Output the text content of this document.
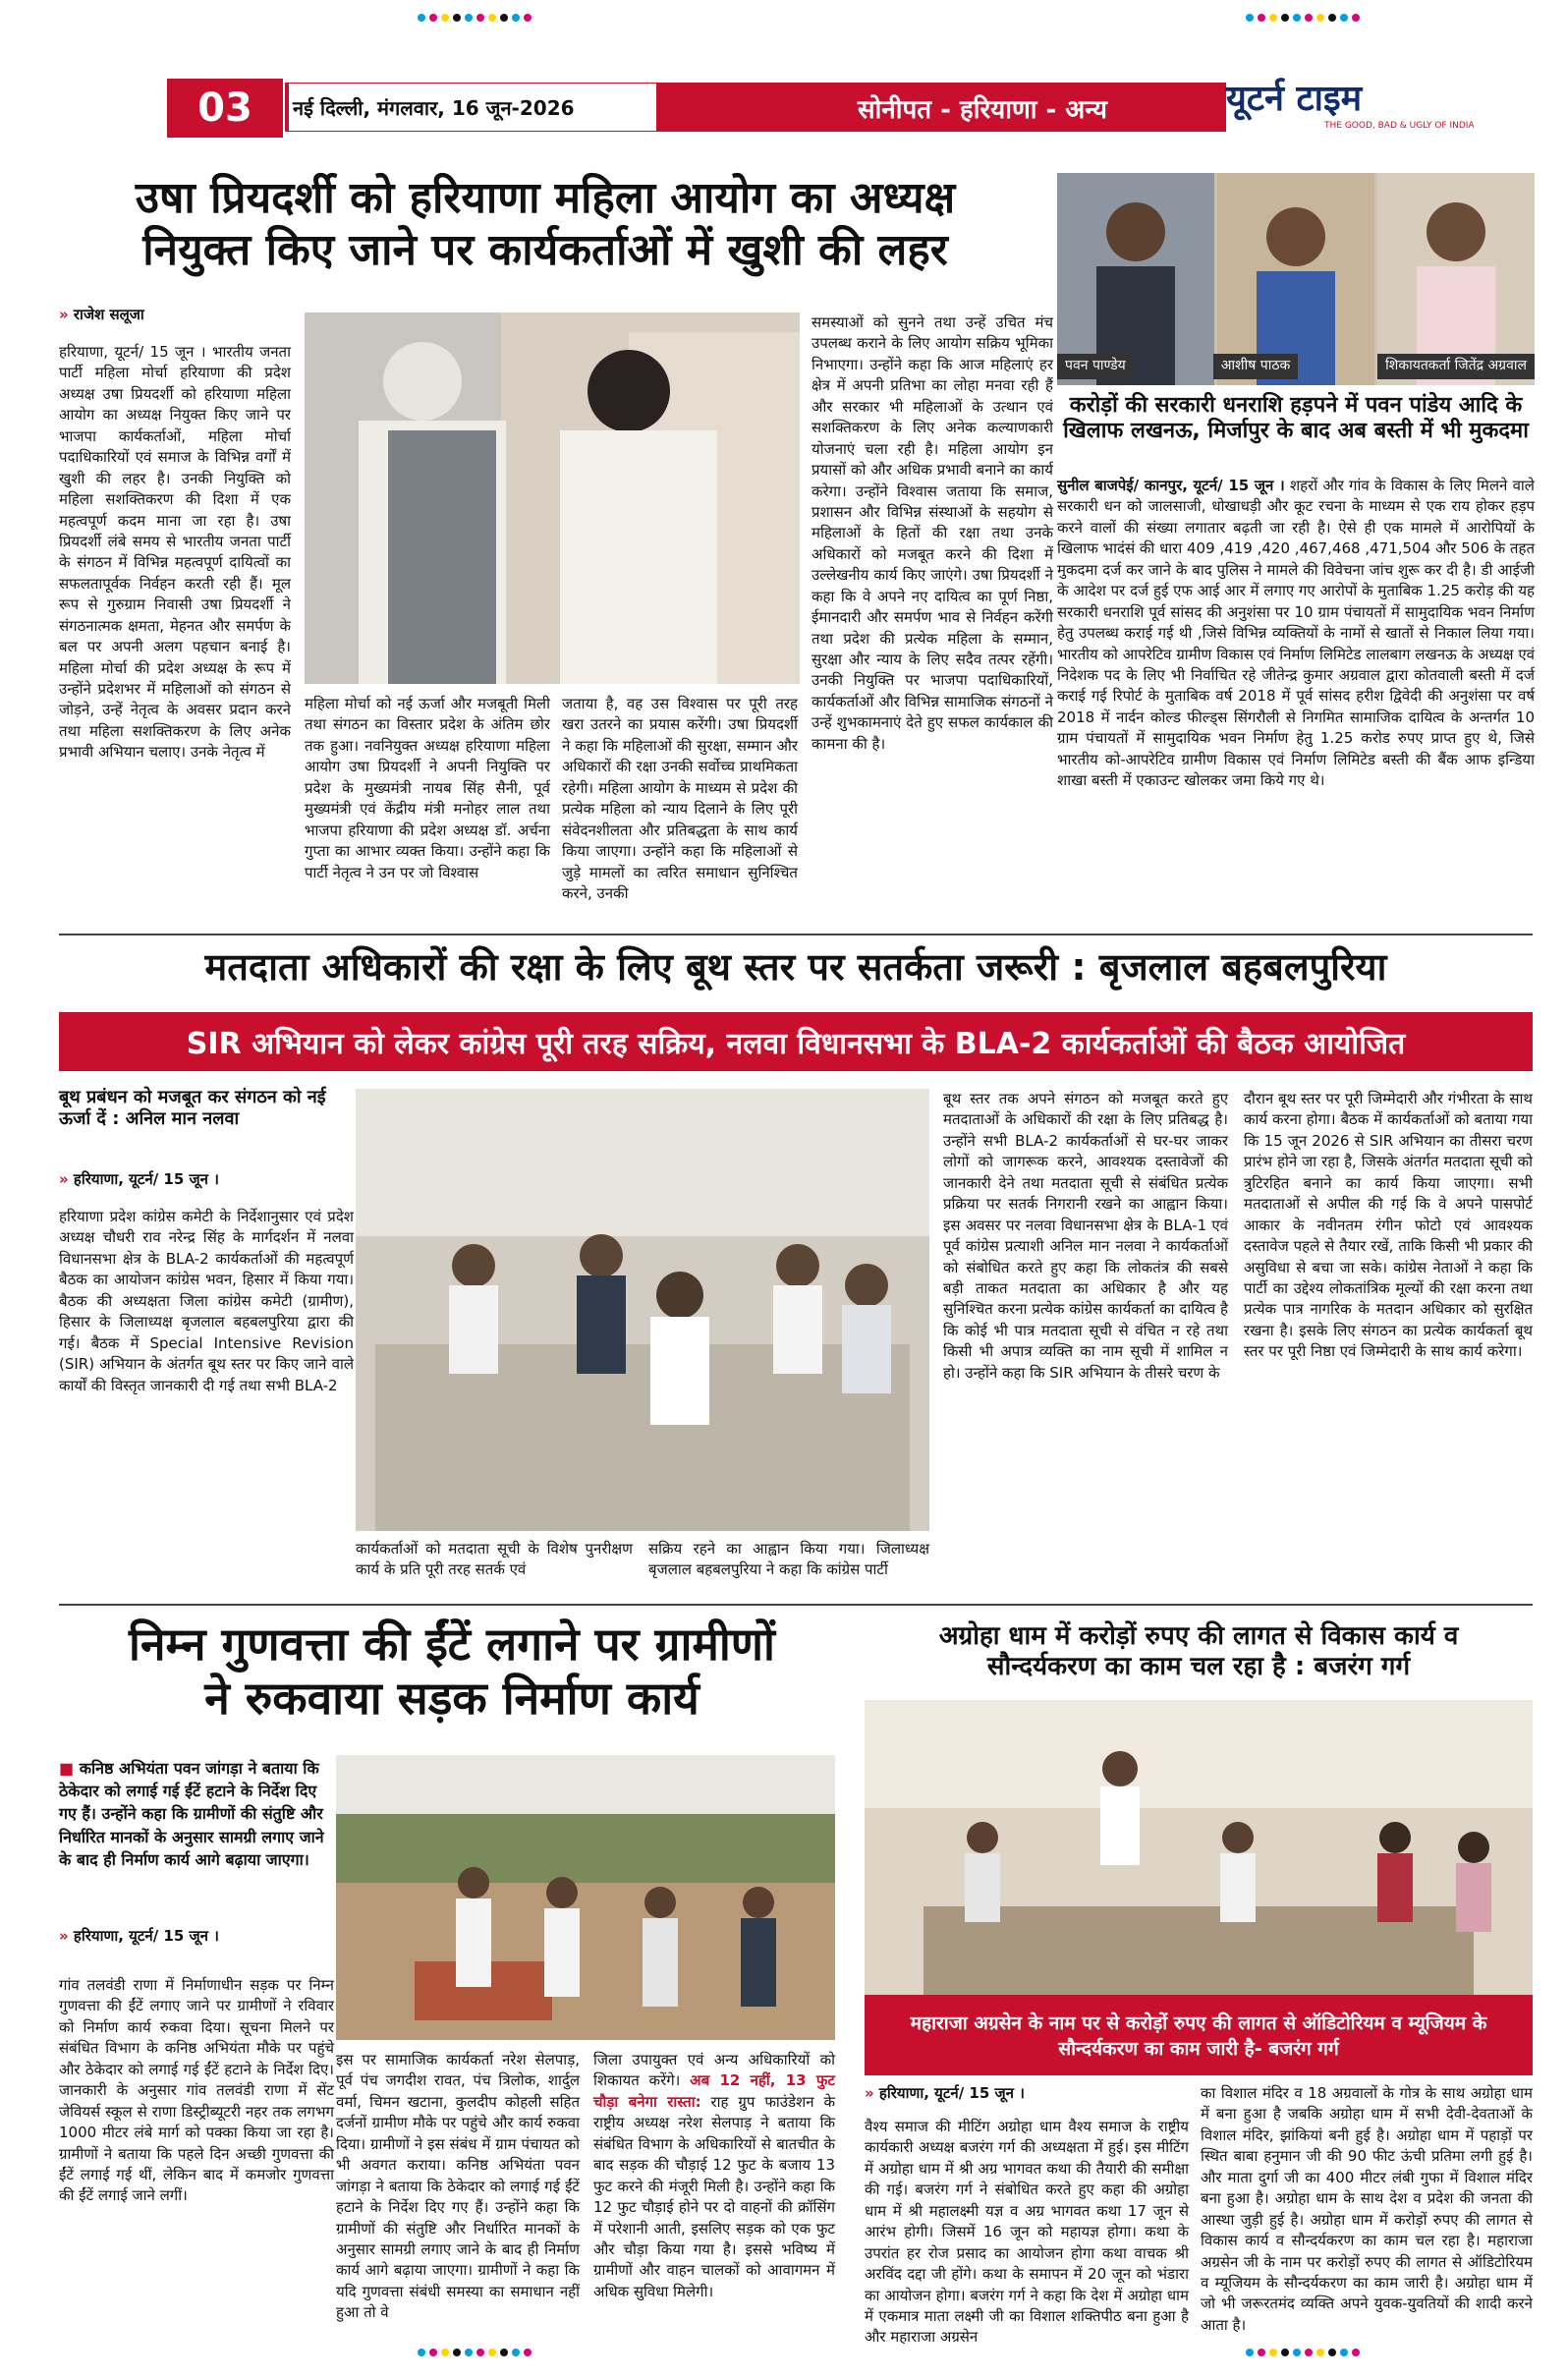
03	नई दिल्ली, मंगलवार, 16 जून-2026	सोनीपत - हरियाणा - अन्य	यूटर्न टाइम
THE GOOD, BAD & UGLY OF INDIA
उषा प्रियदर्शी को हरियाणा महिला आयोग का अध्यक्ष
नियुक्त किए जाने पर कार्यकर्ताओं में खुशी की लहर
» राजेश सलूजा
हरियाणा, यूटर्न/ 15 जून । भारतीय जनता पार्टी महिला मोर्चा हरियाणा की प्रदेश अध्यक्ष उषा प्रियदर्शी को हरियाणा महिला आयोग का अध्यक्ष नियुक्त किए जाने पर भाजपा कार्यकर्ताओं, महिला मोर्चा पदाधिकारियों एवं समाज के विभिन्न वर्गों में खुशी की लहर है। उनकी नियुक्ति को महिला सशक्तिकरण की दिशा में एक महत्वपूर्ण कदम माना जा रहा है। उषा प्रियदर्शी लंबे समय से भारतीय जनता पार्टी के संगठन में विभिन्न महत्वपूर्ण दायित्वों का सफलतापूर्वक निर्वहन करती रही हैं। मूल रूप से गुरुग्राम निवासी उषा प्रियदर्शी ने संगठनात्मक क्षमता, मेहनत और समर्पण के बल पर अपनी अलग पहचान बनाई है। महिला मोर्चा की प्रदेश अध्यक्ष के रूप में उन्होंने प्रदेशभर में महिलाओं को संगठन से जोड़ने, उन्हें नेतृत्व के अवसर प्रदान करने तथा महिला सशक्तिकरण के लिए अनेक प्रभावी अभियान चलाए। उनके नेतृत्व में
महिला मोर्चा को नई ऊर्जा और मजबूती मिली तथा संगठन का विस्तार प्रदेश के अंतिम छोर तक हुआ। नवनियुक्त अध्यक्ष हरियाणा महिला आयोग उषा प्रियदर्शी ने अपनी नियुक्ति पर प्रदेश के मुख्यमंत्री नायब सिंह सैनी, पूर्व मुख्यमंत्री एवं केंद्रीय मंत्री मनोहर लाल तथा भाजपा हरियाणा की प्रदेश अध्यक्ष डॉ. अर्चना गुप्ता का आभार व्यक्त किया। उन्होंने कहा कि पार्टी नेतृत्व ने उन पर जो विश्वास
जताया है, वह उस विश्वास पर पूरी तरह खरा उतरने का प्रयास करेंगी। उषा प्रियदर्शी ने कहा कि महिलाओं की सुरक्षा, सम्मान और अधिकारों की रक्षा उनकी सर्वोच्च प्राथमिकता रहेगी। महिला आयोग के माध्यम से प्रदेश की प्रत्येक महिला को न्याय दिलाने के लिए पूरी संवेदनशीलता और प्रतिबद्धता के साथ कार्य किया जाएगा। उन्होंने कहा कि महिलाओं से जुड़े मामलों का त्वरित समाधान सुनिश्चित करने, उनकी
समस्याओं को सुनने तथा उन्हें उचित मंच उपलब्ध कराने के लिए आयोग सक्रिय भूमिका निभाएगा। उन्होंने कहा कि आज महिलाएं हर क्षेत्र में अपनी प्रतिभा का लोहा मनवा रही हैं और सरकार भी महिलाओं के उत्थान एवं सशक्तिकरण के लिए अनेक कल्याणकारी योजनाएं चला रही है। महिला आयोग इन प्रयासों को और अधिक प्रभावी बनाने का कार्य करेगा। उन्होंने विश्वास जताया कि समाज, प्रशासन और विभिन्न संस्थाओं के सहयोग से महिलाओं के हितों की रक्षा तथा उनके अधिकारों को मजबूत करने की दिशा में उल्लेखनीय कार्य किए जाएंगे। उषा प्रियदर्शी ने कहा कि वे अपने नए दायित्व का पूर्ण निष्ठा, ईमानदारी और समर्पण भाव से निर्वहन करेंगी तथा प्रदेश की प्रत्येक महिला के सम्मान, सुरक्षा और न्याय के लिए सदैव तत्पर रहेंगी। उनकी नियुक्ति पर भाजपा पदाधिकारियों, कार्यकर्ताओं और विभिन्न सामाजिक संगठनों ने उन्हें शुभकामनाएं देते हुए सफल कार्यकाल की कामना की है।
पवन पाण्डेय	आशीष पाठक	शिकायतकर्ता जितेंद्र अग्रवाल
करोड़ों की सरकारी धनराशि हड़पने में पवन पांडेय आदि के खिलाफ लखनऊ, मिर्जापुर के बाद अब बस्ती में भी मुकदमा
सुनील बाजपेई/ कानपुर, यूटर्न/ 15 जून । शहरों और गांव के विकास के लिए मिलने वाले सरकारी धन को जालसाजी, धोखाधड़ी और कूट रचना के माध्यम से एक राय होकर हड़प करने वालों की संख्या लगातार बढ़ती जा रही है। ऐसे ही एक मामले में आरोपियों के खिलाफ भादंसं की धारा 409 ,419 ,420 ,467,468 ,471,504 और 506 के तहत मुकदमा दर्ज कर जाने के बाद पुलिस ने मामले की विवेचना जांच शुरू कर दी है। डी आईजी के आदेश पर दर्ज हुई एफ आई आर में लगाए गए आरोपों के मुताबिक 1.25 करोड़ की यह सरकारी धनराशि पूर्व सांसद की अनुशंसा पर 10 ग्राम पंचायतों में सामुदायिक भवन निर्माण हेतु उपलब्ध कराई गई थी ,जिसे विभिन्न व्यक्तियों के नामों से खातों से निकाल लिया गया। भारतीय को आपरेटिव ग्रामीण विकास एवं निर्माण लिमिटेड लालबाग लखनऊ के अध्यक्ष एवं निदेशक पद के लिए भी निर्वाचित रहे जीतेन्द्र कुमार अग्रवाल द्वारा कोतवाली बस्ती में दर्ज कराई गई रिपोर्ट के मुताबिक वर्ष 2018 में पूर्व सांसद हरीश द्विवेदी की अनुशंसा पर वर्ष 2018 में नार्दन कोल्ड फील्ड्स सिंगरौली से निगमित सामाजिक दायित्व के अन्तर्गत 10 ग्राम पंचायतों में सामुदायिक भवन निर्माण हेतु 1.25 करोड रुपए प्राप्त हुए थे, जिसे भारतीय को-आपरेटिव ग्रामीण विकास एवं निर्माण लिमिटेड बस्ती की बैंक आफ इन्डिया शाखा बस्ती में एकाउन्ट खोलकर जमा किये गए थे।
मतदाता अधिकारों की रक्षा के लिए बूथ स्तर पर सतर्कता जरूरी : बृजलाल बहबलपुरिया
SIR अभियान को लेकर कांग्रेस पूरी तरह सक्रिय, नलवा विधानसभा के BLA-2 कार्यकर्ताओं की बैठक आयोजित
बूथ प्रबंधन को मजबूत कर संगठन को नई ऊर्जा दें : अनिल मान नलवा
» हरियाणा, यूटर्न/ 15 जून ।
हरियाणा प्रदेश कांग्रेस कमेटी के निर्देशानुसार एवं प्रदेश अध्यक्ष चौधरी राव नरेन्द्र सिंह के मार्गदर्शन में नलवा विधानसभा क्षेत्र के BLA-2 कार्यकर्ताओं की महत्वपूर्ण बैठक का आयोजन कांग्रेस भवन, हिसार में किया गया। बैठक की अध्यक्षता जिला कांग्रेस कमेटी (ग्रामीण), हिसार के जिलाध्यक्ष बृजलाल बहबलपुरिया द्वारा की गई। बैठक में Special Intensive Revision (SIR) अभियान के अंतर्गत बूथ स्तर पर किए जाने वाले कार्यों की विस्तृत जानकारी दी गई तथा सभी BLA-2
कार्यकर्ताओं को मतदाता सूची के विशेष पुनरीक्षण कार्य के प्रति पूरी तरह सतर्क एवं
सक्रिय रहने का आह्वान किया गया। जिलाध्यक्ष बृजलाल बहबलपुरिया ने कहा कि कांग्रेस पार्टी
बूथ स्तर तक अपने संगठन को मजबूत करते हुए मतदाताओं के अधिकारों की रक्षा के लिए प्रतिबद्ध है। उन्होंने सभी BLA-2 कार्यकर्ताओं से घर-घर जाकर लोगों को जागरूक करने, आवश्यक दस्तावेजों की जानकारी देने तथा मतदाता सूची से संबंधित प्रत्येक प्रक्रिया पर सतर्क निगरानी रखने का आह्वान किया। इस अवसर पर नलवा विधानसभा क्षेत्र के BLA-1 एवं पूर्व कांग्रेस प्रत्याशी अनिल मान नलवा ने कार्यकर्ताओं को संबोधित करते हुए कहा कि लोकतंत्र की सबसे बड़ी ताकत मतदाता का अधिकार है और यह सुनिश्चित करना प्रत्येक कांग्रेस कार्यकर्ता का दायित्व है कि कोई भी पात्र मतदाता सूची से वंचित न रहे तथा किसी भी अपात्र व्यक्ति का नाम सूची में शामिल न हो। उन्होंने कहा कि SIR अभियान के तीसरे चरण के
दौरान बूथ स्तर पर पूरी जिम्मेदारी और गंभीरता के साथ कार्य करना होगा। बैठक में कार्यकर्ताओं को बताया गया कि 15 जून 2026 से SIR अभियान का तीसरा चरण प्रारंभ होने जा रहा है, जिसके अंतर्गत मतदाता सूची को त्रुटिरहित बनाने का कार्य किया जाएगा। सभी मतदाताओं से अपील की गई कि वे अपने पासपोर्ट आकार के नवीनतम रंगीन फोटो एवं आवश्यक दस्तावेज पहले से तैयार रखें, ताकि किसी भी प्रकार की असुविधा से बचा जा सके। कांग्रेस नेताओं ने कहा कि पार्टी का उद्देश्य लोकतांत्रिक मूल्यों की रक्षा करना तथा प्रत्येक पात्र नागरिक के मतदान अधिकार को सुरक्षित रखना है। इसके लिए संगठन का प्रत्येक कार्यकर्ता बूथ स्तर पर पूरी निष्ठा एवं जिम्मेदारी के साथ कार्य करेगा।
निम्न गुणवत्ता की ईंटें लगाने पर ग्रामीणों
ने रुकवाया सड़क निर्माण कार्य
■ कनिष्ठ अभियंता पवन जांगड़ा ने बताया कि ठेकेदार को लगाई गई ईंटें हटाने के निर्देश दिए गए हैं। उन्होंने कहा कि ग्रामीणों की संतुष्टि और निर्धारित मानकों के अनुसार सामग्री लगाए जाने के बाद ही निर्माण कार्य आगे बढ़ाया जाएगा।
» हरियाणा, यूटर्न/ 15 जून ।
गांव तलवंडी राणा में निर्माणाधीन सड़क पर निम्न गुणवत्ता की ईंटें लगाए जाने पर ग्रामीणों ने रविवार को निर्माण कार्य रुकवा दिया। सूचना मिलने पर संबंधित विभाग के कनिष्ठ अभियंता मौके पर पहुंचे और ठेकेदार को लगाई गई ईंटें हटाने के निर्देश दिए। जानकारी के अनुसार गांव तलवंडी राणा में सेंट जेवियर्स स्कूल से राणा डिस्ट्रीब्यूटरी नहर तक लगभग 1000 मीटर लंबे मार्ग को पक्का किया जा रहा है। ग्रामीणों ने बताया कि पहले दिन अच्छी गुणवत्ता की ईंटें लगाई गई थीं, लेकिन बाद में कमजोर गुणवत्ता की ईंटें लगाई जाने लगीं।
इस पर सामाजिक कार्यकर्ता नरेश सेलपाड़, पूर्व पंच जगदीश रावत, पंच त्रिलोक, शार्दुल वर्मा, चिमन खटाना, कुलदीप कोहली सहित दर्जनों ग्रामीण मौके पर पहुंचे और कार्य रुकवा दिया। ग्रामीणों ने इस संबंध में ग्राम पंचायत को भी अवगत कराया। कनिष्ठ अभियंता पवन जांगड़ा ने बताया कि ठेकेदार को लगाई गई ईंटें हटाने के निर्देश दिए गए हैं। उन्होंने कहा कि ग्रामीणों की संतुष्टि और निर्धारित मानकों के अनुसार सामग्री लगाए जाने के बाद ही निर्माण कार्य आगे बढ़ाया जाएगा। ग्रामीणों ने कहा कि यदि गुणवत्ता संबंधी समस्या का समाधान नहीं हुआ तो वे
जिला उपायुक्त एवं अन्य अधिकारियों को शिकायत करेंगे। अब 12 नहीं, 13 फुट चौड़ा बनेगा रास्ता: राह ग्रुप फाउंडेशन के राष्ट्रीय अध्यक्ष नरेश सेलपाड़ ने बताया कि संबंधित विभाग के अधिकारियों से बातचीत के बाद सड़क की चौड़ाई 12 फुट के बजाय 13 फुट करने की मंजूरी मिली है। उन्होंने कहा कि 12 फुट चौड़ाई होने पर दो वाहनों की क्रॉसिंग में परेशानी आती, इसलिए सड़क को एक फुट और चौड़ा किया गया है। इससे भविष्य में ग्रामीणों और वाहन चालकों को आवागमन में अधिक सुविधा मिलेगी।
अग्रोहा धाम में करोड़ों रुपए की लागत से विकास कार्य व
सौन्दर्यकरण का काम चल रहा है : बजरंग गर्ग
महाराजा अग्रसेन के नाम पर से करोड़ों रुपए की लागत से ऑडिटोरियम व म्यूजियम के सौन्दर्यकरण का काम जारी है- बजरंग गर्ग
» हरियाणा, यूटर्न/ 15 जून ।
वैश्य समाज की मीटिंग अग्रोहा धाम वैश्य समाज के राष्ट्रीय कार्यकारी अध्यक्ष बजरंग गर्ग की अध्यक्षता में हुई। इस मीटिंग में अग्रोहा धाम में श्री अग्र भागवत कथा की तैयारी की समीक्षा की गई। बजरंग गर्ग ने संबोधित करते हुए कहा की अग्रोहा धाम में श्री महालक्ष्मी यज्ञ व अग्र भागवत कथा 17 जून से आरंभ होगी। जिसमें 16 जून को महायज्ञ होगा। कथा के उपरांत हर रोज प्रसाद का आयोजन होगा कथा वाचक श्री अरविंद दद्दा जी होंगे। कथा के समापन में 20 जून को भंडारा का आयोजन होगा। बजरंग गर्ग ने कहा कि देश में अग्रोहा धाम में एकमात्र माता लक्ष्मी जी का विशाल शक्तिपीठ बना हुआ है और महाराजा अग्रसेन
का विशाल मंदिर व 18 अग्रवालों के गोत्र के साथ अग्रोहा धाम में बना हुआ है जबकि अग्रोहा धाम में सभी देवी-देवताओं के विशाल मंदिर, झांकियां बनी हुई है। अग्रोहा धाम में पहाड़ों पर स्थित बाबा हनुमान जी की 90 फीट ऊंची प्रतिमा लगी हुई है। और माता दुर्गा जी का 400 मीटर लंबी गुफा में विशाल मंदिर बना हुआ है। अग्रोहा धाम के साथ देश व प्रदेश की जनता की आस्था जुड़ी हुई है। अग्रोहा धाम में करोड़ों रुपए की लागत से विकास कार्य व सौन्दर्यकरण का काम चल रहा है। महाराजा अग्रसेन जी के नाम पर करोड़ों रुपए की लागत से ऑडिटोरियम व म्यूजियम के सौन्दर्यकरण का काम जारी है। अग्रोहा धाम में जो भी जरूरतमंद व्यक्ति अपने युवक-युवतियों की शादी करने आता है।
